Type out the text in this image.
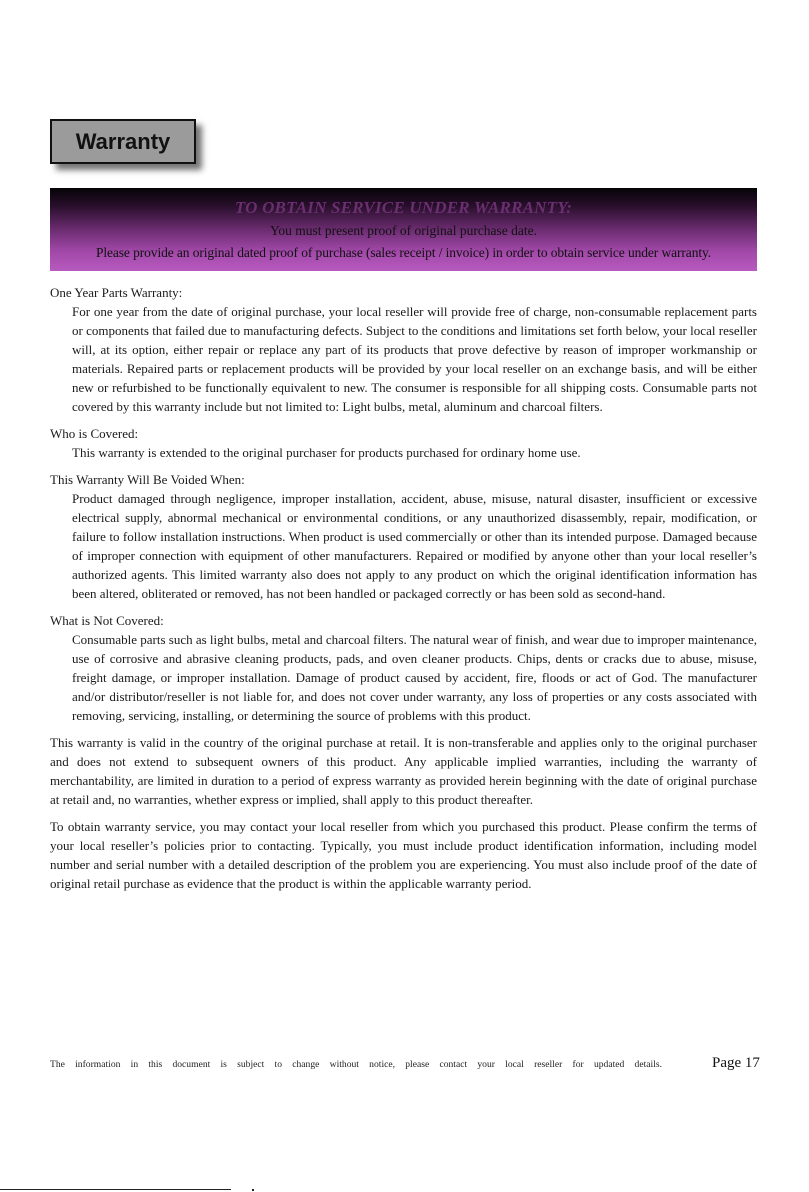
Warranty
TO OBTAIN SERVICE UNDER WARRANTY:
You must present proof of original purchase date.
Please provide an original dated proof of purchase (sales receipt / invoice) in order to obtain service under warranty.

One Year Parts Warranty:

For one year from the date of original purchase, your local reseller will provide free of charge, non-consumable replacement parts or components that failed due to manufacturing defects. Subject to the conditions and limitations set forth below, your local reseller will, at its option, either repair or replace any part of its products that prove defective by reason of improper workmanship or materials. Repaired parts or replacement products will be provided by your local reseller on an exchange basis, and will be either new or refurbished to be functionally equivalent to new. The consumer is responsible for all shipping costs. Consumable parts not covered by this warranty include but not limited to: Light bulbs, metal, aluminum and charcoal filters.

Who is Covered:

This warranty is extended to the original purchaser for products purchased for ordinary home use.

This Warranty Will Be Voided When:

Product damaged through negligence, improper installation, accident, abuse, misuse, natural disaster, insufficient or excessive electrical supply, abnormal mechanical or environmental conditions, or any unauthorized disassembly, repair, modification, or failure to follow installation instructions. When product is used commercially or other than its intended purpose. Damaged because of improper connection with equipment of other manufacturers. Repaired or modified by anyone other than your local reseller’s authorized agents. This limited warranty also does not apply to any product on which the original identification information has been altered, obliterated or removed, has not been handled or packaged correctly or has been sold as second-hand.

What is Not Covered:

Consumable parts such as light bulbs, metal and charcoal filters. The natural wear of finish, and wear due to improper maintenance, use of corrosive and abrasive cleaning products, pads, and oven cleaner products. Chips, dents or cracks due to abuse, misuse, freight damage, or improper installation. Damage of product caused by accident, fire, floods or act of God. The manufacturer and/or distributor/reseller is not liable for, and does not cover under warranty, any loss of properties or any costs associated with removing, servicing, installing, or determining the source of problems with this product.

This warranty is valid in the country of the original purchase at retail. It is non-transferable and applies only to the original purchaser and does not extend to subsequent owners of this product. Any applicable implied warranties, including the warranty of merchantability, are limited in duration to a period of express warranty as provided herein beginning with the date of original purchase at retail and, no warranties, whether express or implied, shall apply to this product thereafter.

To obtain warranty service, you may contact your local reseller from which you purchased this product. Please confirm the terms of your local reseller’s policies prior to contacting. Typically, you must include product identification information, including model number and serial number with a detailed description of the problem you are experiencing. You must also include proof of the date of original retail purchase as evidence that the product is within the applicable warranty period.

The information in this document is subject to change without notice, please contact your local reseller for updated details.	Page 17
